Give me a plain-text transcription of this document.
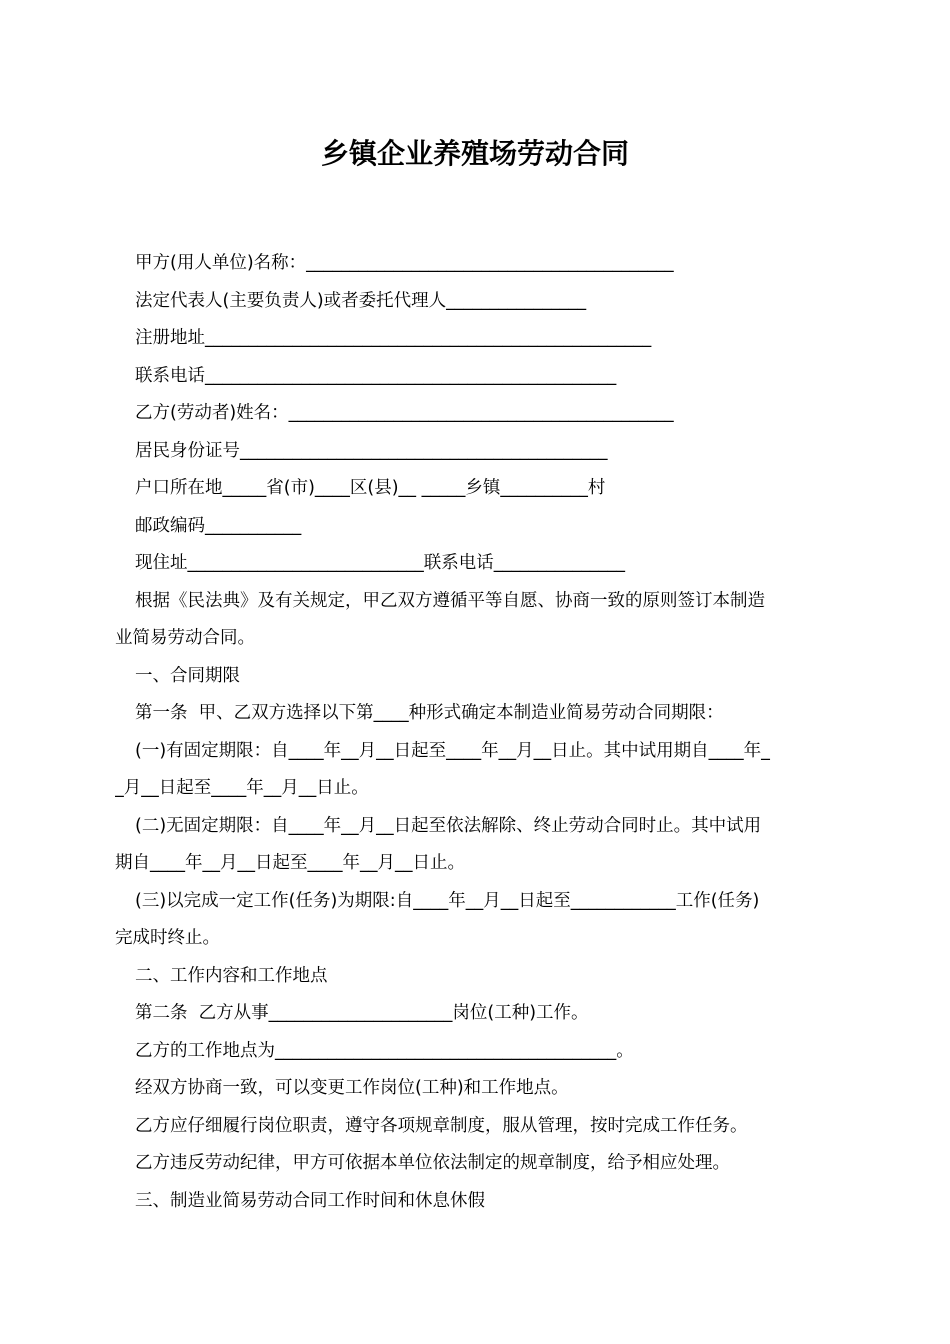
乡镇企业养殖场劳动合同

甲方(用人单位)名称：__________________________________________

法定代表人(主要负责人)或者委托代理人________________

注册地址___________________________________________________

联系电话_______________________________________________

乙方(劳动者)姓名：____________________________________________

居民身份证号__________________________________________

户口所在地_____省(市)____区(县)__ _____乡镇__________村

邮政编码___________

现住址___________________________联系电话_______________

根据《民法典》及有关规定，甲乙双方遵循平等自愿、协商一致的原则签订本制造

业简易劳动合同。

一、合同期限

第一条  甲、乙双方选择以下第____种形式确定本制造业简易劳动合同期限：

(一)有固定期限：自____年__月__日起至____年__月__日止。其中试用期自____年_

_月__日起至____年__月__日止。

(二)无固定期限：自____年__月__日起至依法解除、终止劳动合同时止。其中试用

期自____年__月__日起至____年__月__日止。

(三)以完成一定工作(任务)为期限:自____年__月__日起至____________工作(任务)

完成时终止。

二、工作内容和工作地点

第二条  乙方从事_____________________岗位(工种)工作。

乙方的工作地点为_______________________________________。

经双方协商一致，可以变更工作岗位(工种)和工作地点。

乙方应仔细履行岗位职责，遵守各项规章制度，服从管理，按时完成工作任务。

乙方违反劳动纪律，甲方可依据本单位依法制定的规章制度，给予相应处理。

三、制造业简易劳动合同工作时间和休息休假
